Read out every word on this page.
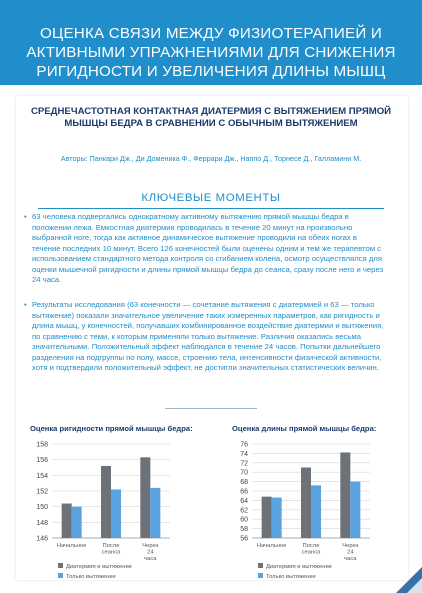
ОЦЕНКА СВЯЗИ МЕЖДУ ФИЗИОТЕРАПИЕЙ И АКТИВНЫМИ УПРАЖНЕНИЯМИ ДЛЯ СНИЖЕНИЯ РИГИДНОСТИ И УВЕЛИЧЕНИЯ ДЛИНЫ МЫШЦ
СРЕДНЕЧАСТОТНАЯ КОНТАКТНАЯ ДИАТЕРМИЯ С ВЫТЯЖЕНИЕМ ПРЯМОЙ МЫШЦЫ БЕДРА В СРАВНЕНИИ С ОБЫЧНЫМ ВЫТЯЖЕНИЕМ
Авторы: Панкари Дж., Ди Доменика Ф., Феррари Дж., Наппо Д., Торнесе Д., Галламини М.
КЛЮЧЕВЫЕ МОМЕНТЫ

• 63 человека подвергались однократному активному вытяжению прямой мышцы бедра в положении лежа. Емкостная диатермия проводилась в течение 20 минут на произвольно выбранной ноге, тогда как активное динамическое вытяжение проводили на обеих ногах в течение последних 10 минут. Всего 126 конечностей были оценены одним и тем же терапевтом с использованием стандартного метода контроля со сгибанием колена, осмотр осуществлялся для оценки мышечной ригидности и длины прямой мышцы бедра до сеанса, сразу после него и через 24 часа.

• Результаты исследования (63 конечности — сочетание вытяжения с диатермией и 63 — только вытяжение) показали значительное увеличение таких измеренных параметров, как ригидность и длина мышц, у конечностей, получавших комбинированное воздействие диатермии и вытяжения, по сравнению с теми, к которым применяли только вытяжение. Различия оказались весьма значительными. Положительный эффект наблюдался в течение 24 часов. Попытки дальнейшего разделения на подгруппы по полу, массе, строению тела, интенсивности физической активности, хотя и подтвердили положительный эффект, не достигли значительных статистических величин.

Оценка ригидности прямой мышцы бедра:	Оценка длины прямой мышцы бедра:
146
148
150
152
154
156
158
Начальное	После сеанса
Через 24 часа
Диатермия и вытяжение
Только вытяжение
56
58
60
62
64
66
68
70
72
74
76
Начальное	После сеанса
Через 24 часа
Диатермия и вытяжение
Только вытяжение
